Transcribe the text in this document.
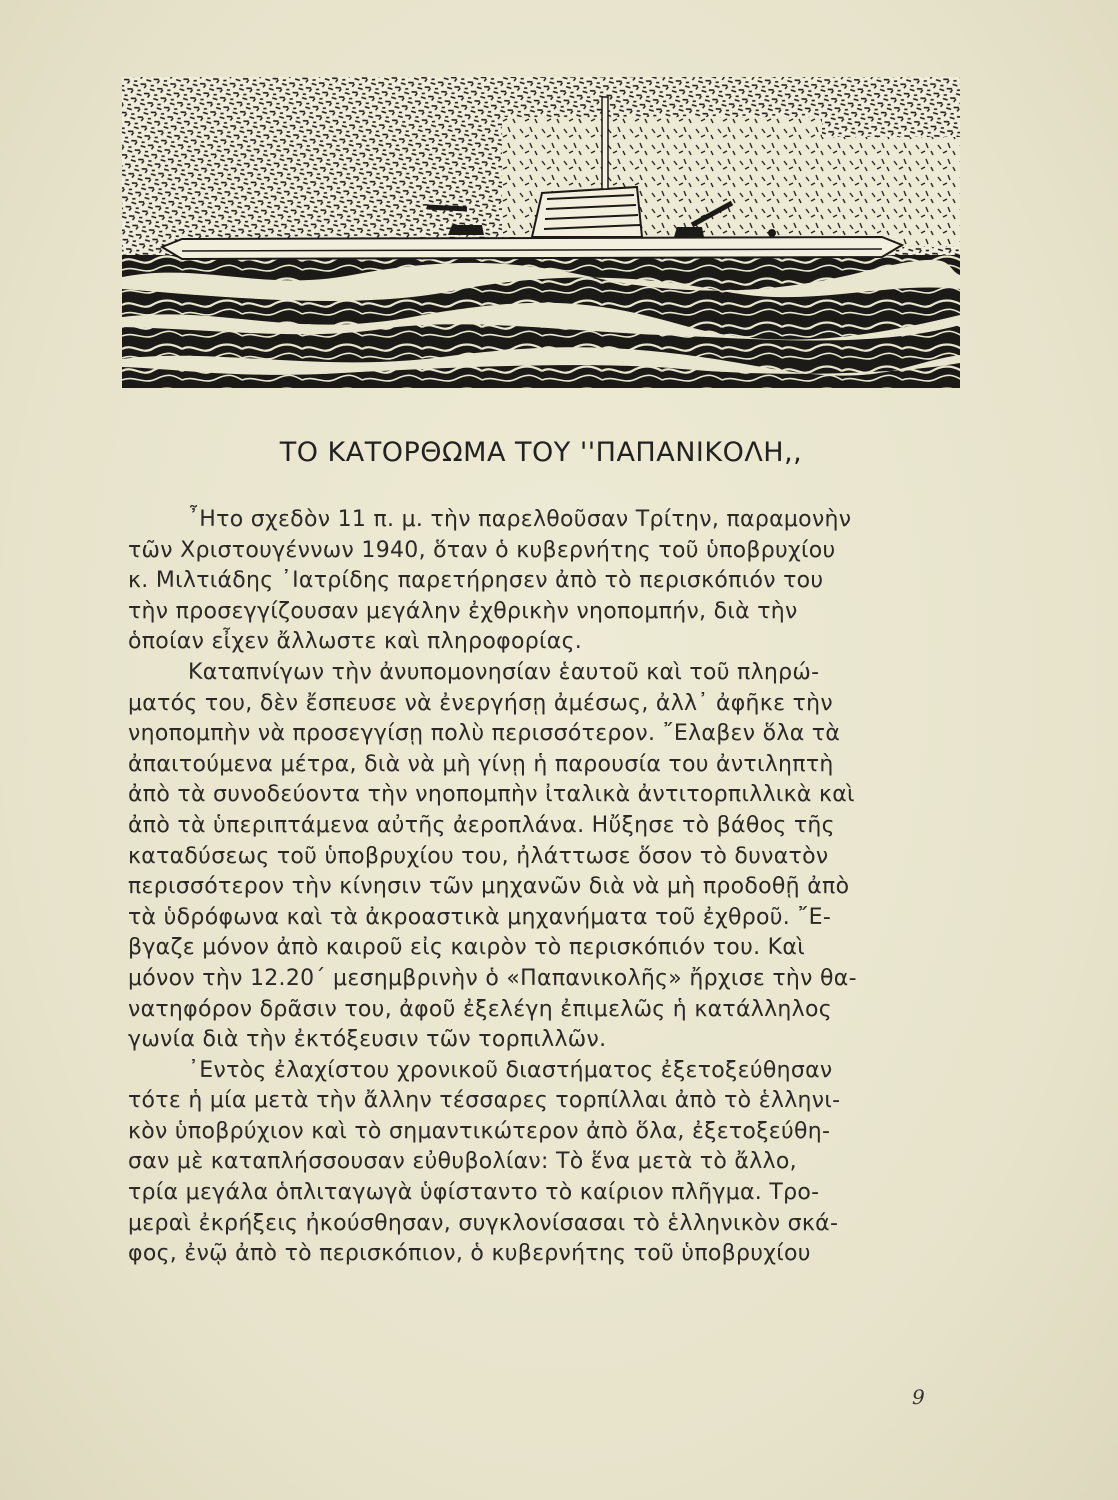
ΤΟ ΚΑΤΟΡΘΩΜΑ ΤΟΥ ''ΠΑΠΑΝΙΚΟΛΗ,,
῏Ητο σχεδὸν 11 π. μ. τὴν παρελθοῦσαν Τρίτην, παραμονὴν
τῶν Χριστουγέννων 1940, ὅταν ὁ κυβερνήτης τοῦ ὑποβρυχίου
κ. Μιλτιάδης ᾿Ιατρίδης παρετήρησεν ἀπὸ τὸ περισκόπιόν του
τὴν προσεγγίζουσαν μεγάλην ἐχθρικὴν νηοπομπήν, διὰ τὴν
ὁποίαν εἶχεν ἄλλωστε καὶ πληροφορίας.
Καταπνίγων τὴν ἀνυπομονησίαν ἑαυτοῦ καὶ τοῦ πληρώ-
ματός του, δὲν ἔσπευσε νὰ ἐνεργήσῃ ἀμέσως, ἀλλ᾿ ἀφῆκε τὴν
νηοπομπὴν νὰ προσεγγίσῃ πολὺ περισσότερον. ῎Ελαβεν ὅλα τὰ
ἀπαιτούμενα μέτρα, διὰ νὰ μὴ γίνῃ ἡ παρουσία του ἀντιληπτὴ
ἀπὸ τὰ συνοδεύοντα τὴν νηοπομπὴν ἰταλικὰ ἀντιτορπιλλικὰ καὶ
ἀπὸ τὰ ὑπεριπτάμενα αὐτῆς ἀεροπλάνα. Ηὔξησε τὸ βάθος τῆς
καταδύσεως τοῦ ὑποβρυχίου του, ἠλάττωσε ὅσον τὸ δυνατὸν
περισσότερον τὴν κίνησιν τῶν μηχανῶν διὰ νὰ μὴ προδοθῇ ἀπὸ
τὰ ὑδρόφωνα καὶ τὰ ἀκροαστικὰ μηχανήματα τοῦ ἐχθροῦ. ῎Ε-
βγαζε μόνον ἀπὸ καιροῦ εἰς καιρὸν τὸ περισκόπιόν του. Καὶ
μόνον τὴν 12.20΄ μεσημβρινὴν ὁ «Παπανικολῆς» ἤρχισε τὴν θα-
νατηφόρον δρᾶσιν του, ἀφοῦ ἐξελέγη ἐπιμελῶς ἡ κατάλληλος
γωνία διὰ τὴν ἐκτόξευσιν τῶν τορπιλλῶν.
᾿Εντὸς ἐλαχίστου χρονικοῦ διαστήματος ἐξετοξεύθησαν
τότε ἡ μία μετὰ τὴν ἄλλην τέσσαρες τορπίλλαι ἀπὸ τὸ ἑλληνι-
κὸν ὑποβρύχιον καὶ τὸ σημαντικώτερον ἀπὸ ὅλα, ἐξετοξεύθη-
σαν μὲ καταπλήσσουσαν εὐθυβολίαν: Τὸ ἕνα μετὰ τὸ ἄλλο,
τρία μεγάλα ὁπλιταγωγὰ ὑφίσταντο τὸ καίριον πλῆγμα. Τρο-
μεραὶ ἐκρήξεις ἠκούσθησαν, συγκλονίσασαι τὸ ἑλληνικὸν σκά-
φος, ἐνῷ ἀπὸ τὸ περισκόπιον, ὁ κυβερνήτης τοῦ ὑποβρυχίου
9
